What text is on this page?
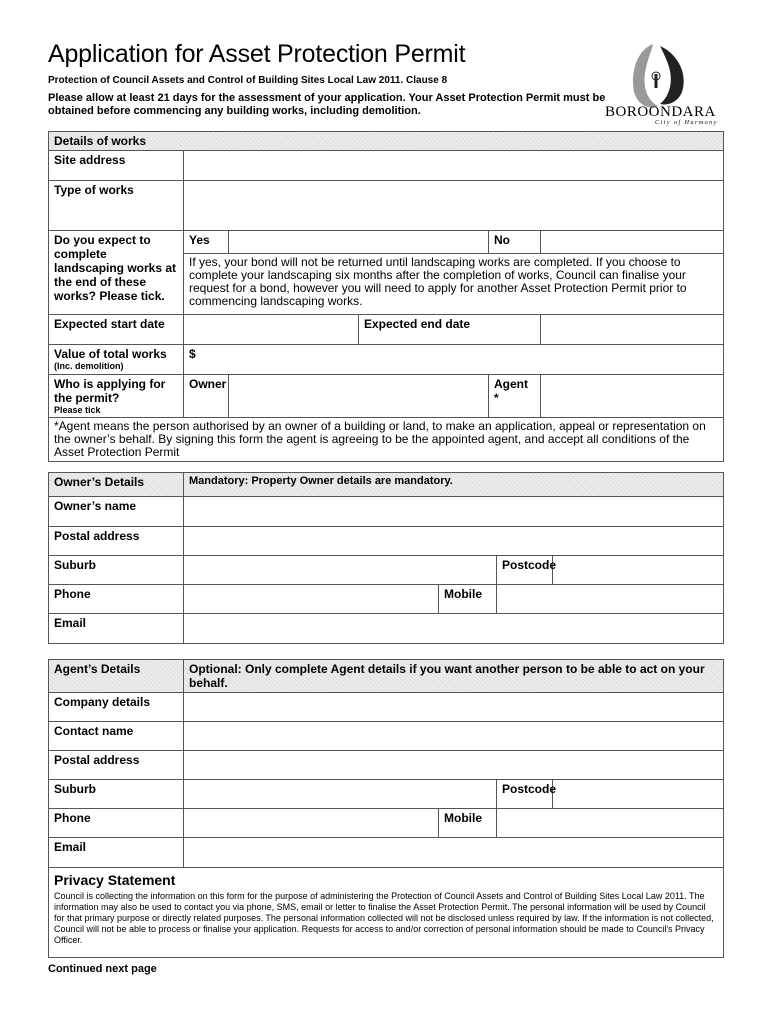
Application for Asset Protection Permit
Protection of Council Assets and Control of Building Sites Local Law 2011. Clause 8
Please allow at least 21 days for the assessment of your application. Your Asset Protection Permit must be obtained before commencing any building works, including demolition.	BOROONDARA
City of Harmony
Details of works					
Site address					
Type of works					
Do you expect to complete landscaping works at the end of these works? Please tick.	Yes			No	
	If yes, your bond will not be returned until landscaping works are completed. If you choose to complete your landscaping six months after the completion of works, Council can finalise your request for a bond, however you will need to apply for another Asset Protection Permit prior to commencing landscaping works.				
Expected start date			Expected end date		
Value of total works
(Inc. demolition)	$				
Who is applying for the permit?
Please tick	Owner			Agent *	
*Agent means the person authorised by an owner of a building or land, to make an application, appeal or representation on the owner’s behalf. By signing this form the agent is agreeing to be the appointed agent, and accept all conditions of the Asset Protection Permit					
Owner’s Details	Mandatory: Property Owner details are mandatory.			
Owner’s name				
Postal address				
Suburb			Postcode	
Phone		Mobile		
Email				
Agent’s Details	Optional: Only complete Agent details if you want another person to be able to act on your behalf.			
Company details				
Contact name				
Postal address				
Suburb			Postcode	
Phone		Mobile		
Email				

Privacy Statement
Council is collecting the information on this form for the purpose of administering the Protection of Council Assets and Control of Building Sites Local Law 2011. The information may also be used to contact you via phone, SMS, email or letter to finalise the Asset Protection Permit. The personal information will be used by Council for that primary purpose or directly related purposes. The personal information collected will not be disclosed unless required by law. If the information is not collected, Council will not be able to process or finalise your application. Requests for access to and/or correction of personal information should be made to Council's Privacy Officer.				
Continued next page
